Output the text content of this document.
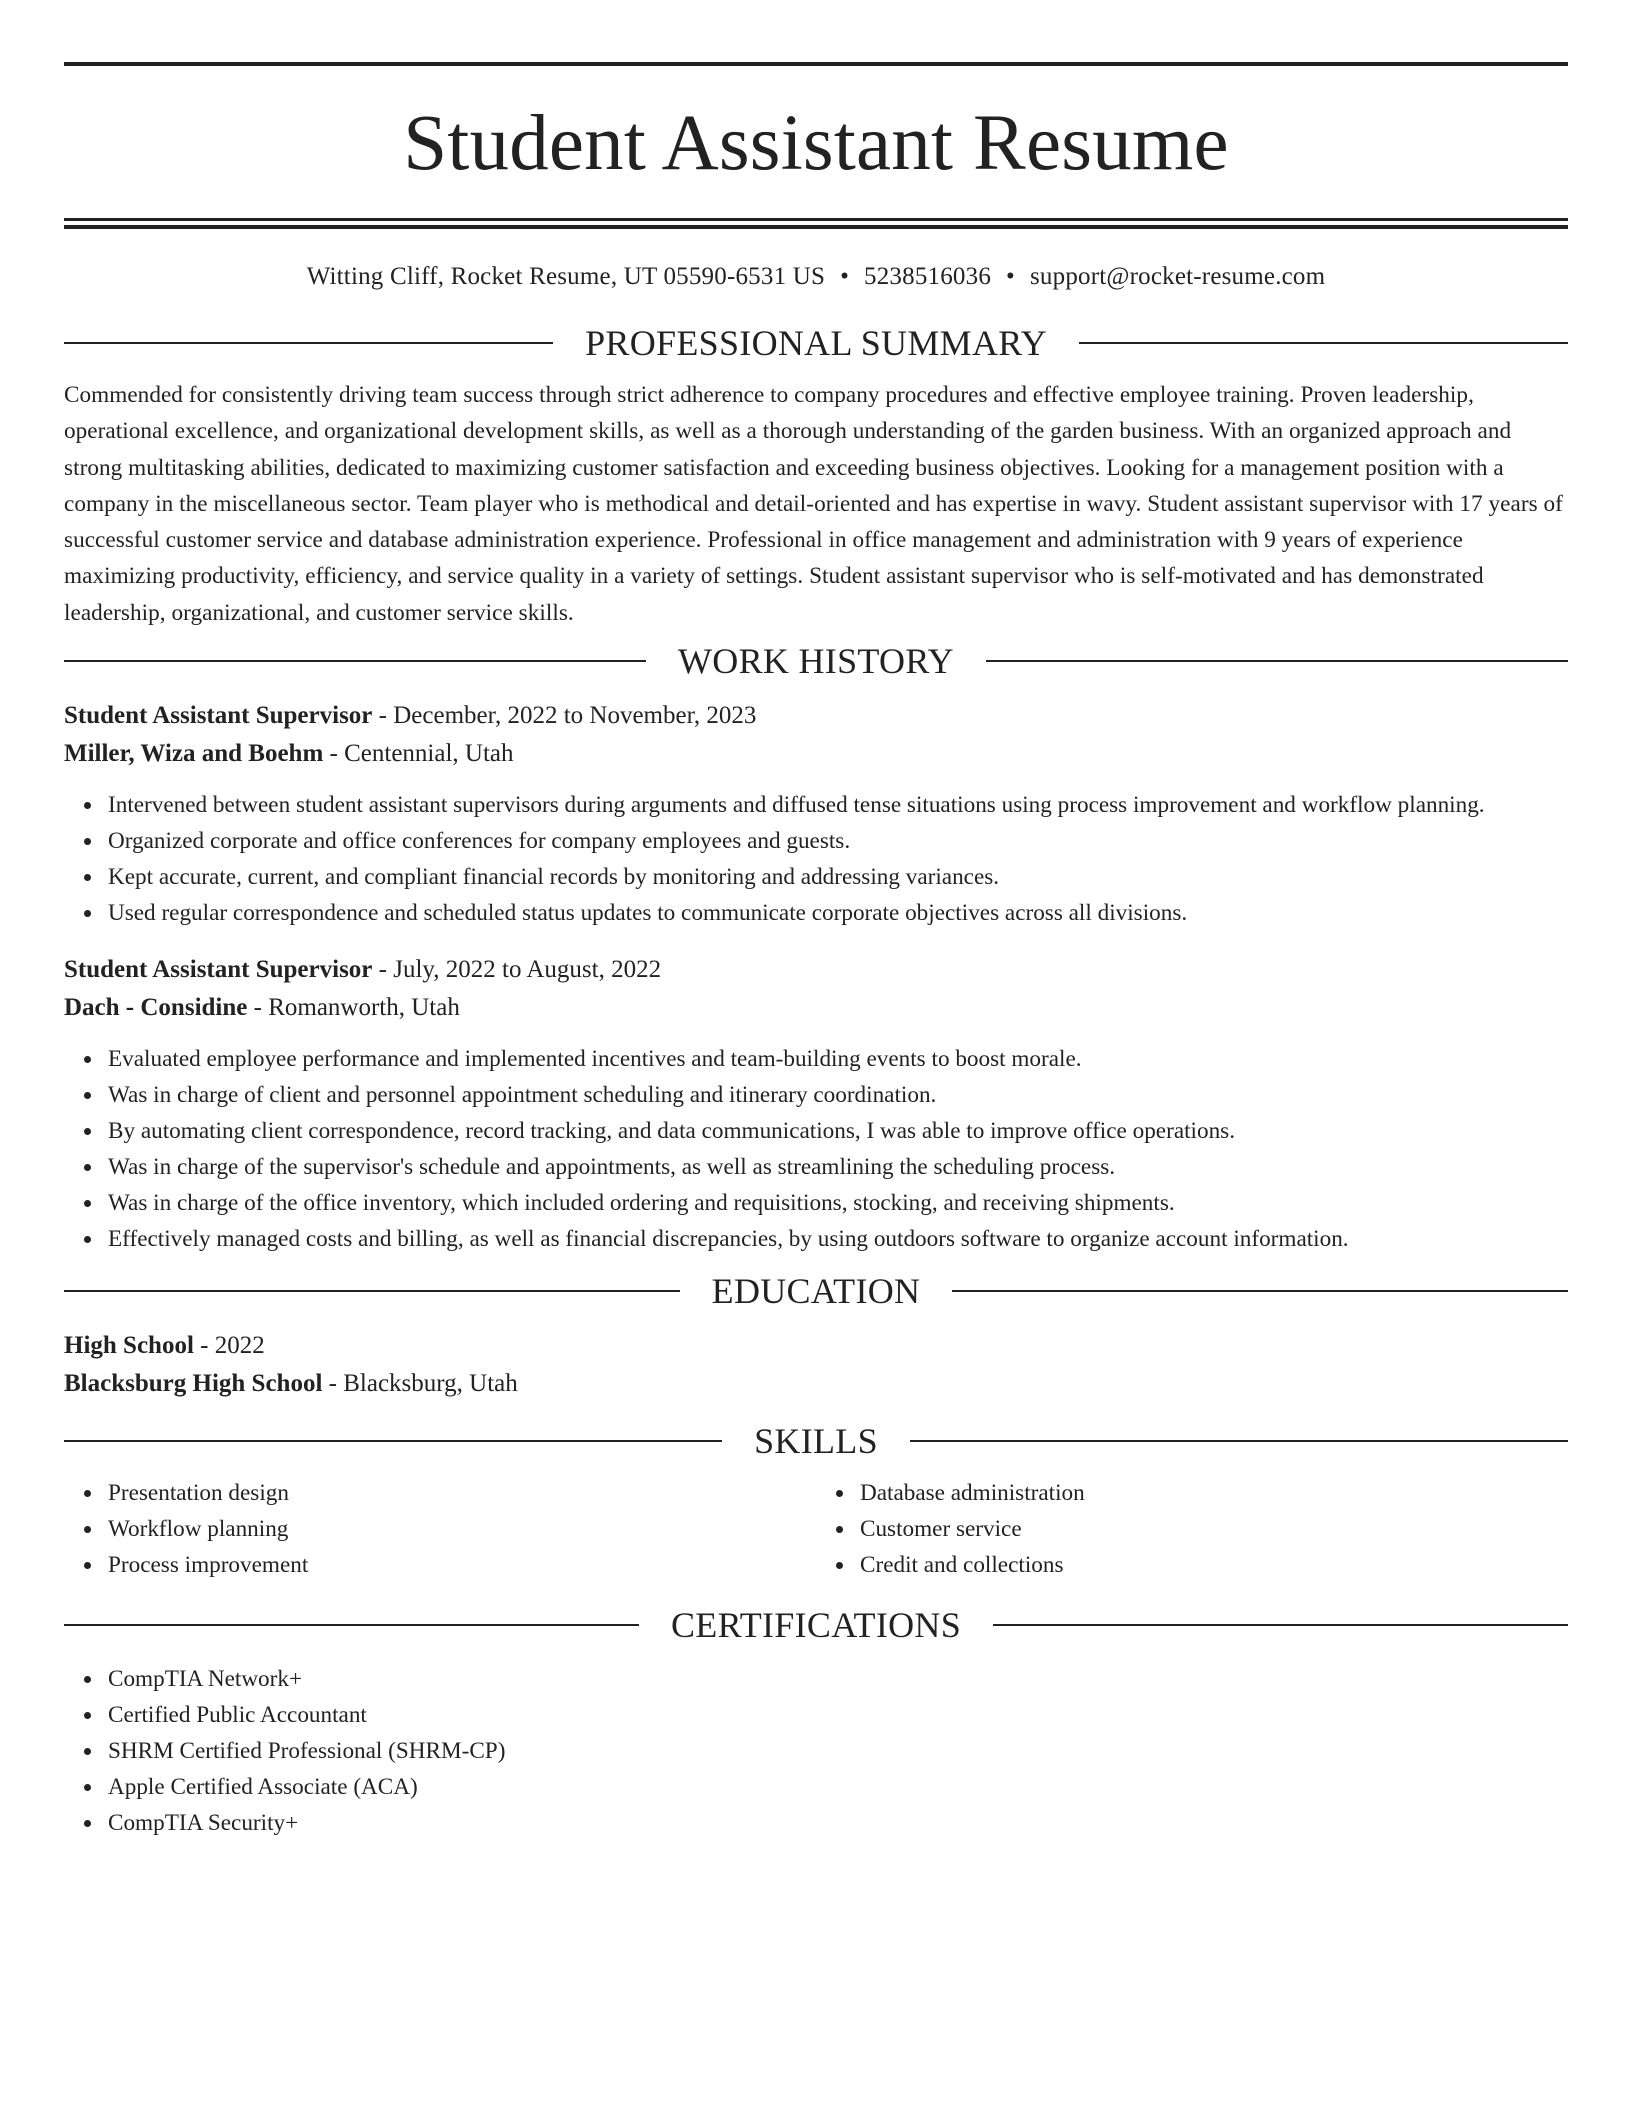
Student Assistant Resume
Witting Cliff, Rocket Resume, UT 05590-6531 US • 5238516036 • support@rocket-resume.com
PROFESSIONAL SUMMARY

Commended for consistently driving team success through strict adherence to company procedures and effective employee training. Proven leadership, operational excellence, and organizational development skills, as well as a thorough understanding of the garden business. With an organized approach and strong multitasking abilities, dedicated to maximizing customer satisfaction and exceeding business objectives. Looking for a management position with a company in the miscellaneous sector. Team player who is methodical and detail-oriented and has expertise in wavy. Student assistant supervisor with 17 years of successful customer service and database administration experience. Professional in office management and administration with 9 years of experience maximizing productivity, efficiency, and service quality in a variety of settings. Student assistant supervisor who is self-motivated and has demonstrated leadership, organizational, and customer service skills.

WORK HISTORY
Student Assistant Supervisor - December, 2022 to November, 2023
Miller, Wiza and Boehm - Centennial, Utah
Intervened between student assistant supervisors during arguments and diffused tense situations using process improvement and workflow planning.
Organized corporate and office conferences for company employees and guests.
Kept accurate, current, and compliant financial records by monitoring and addressing variances.
Used regular correspondence and scheduled status updates to communicate corporate objectives across all divisions.
Student Assistant Supervisor - July, 2022 to August, 2022
Dach - Considine - Romanworth, Utah
Evaluated employee performance and implemented incentives and team-building events to boost morale.
Was in charge of client and personnel appointment scheduling and itinerary coordination.
By automating client correspondence, record tracking, and data communications, I was able to improve office operations.
Was in charge of the supervisor's schedule and appointments, as well as streamlining the scheduling process.
Was in charge of the office inventory, which included ordering and requisitions, stocking, and receiving shipments.
Effectively managed costs and billing, as well as financial discrepancies, by using outdoors software to organize account information.
EDUCATION
High School - 2022
Blacksburg High School - Blacksburg, Utah
SKILLS
Presentation design
Workflow planning
Process improvement
Database administration
Customer service
Credit and collections
CERTIFICATIONS
CompTIA Network+
Certified Public Accountant
SHRM Certified Professional (SHRM-CP)
Apple Certified Associate (ACA)
CompTIA Security+
